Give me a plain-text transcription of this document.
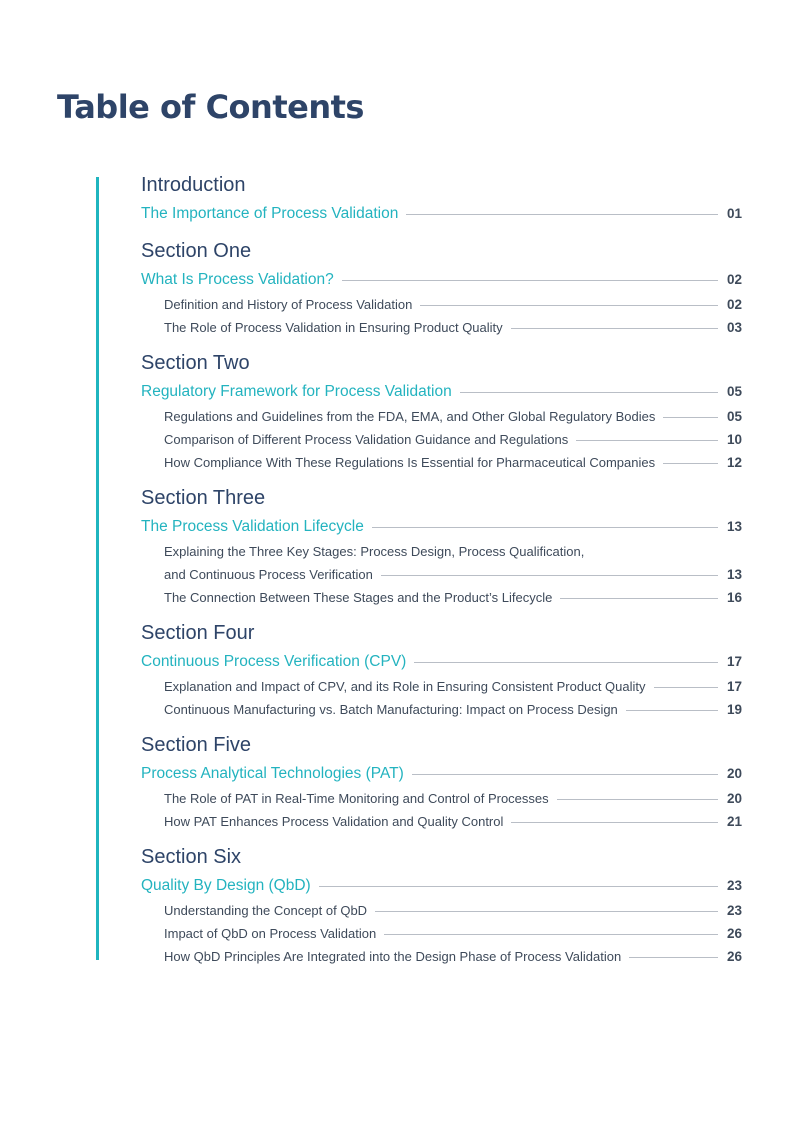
Table of Contents
Introduction
The Importance of Process Validation	01
Section One
What Is Process Validation?	02
Definition and History of Process Validation	02
The Role of Process Validation in Ensuring Product Quality	03
Section Two
Regulatory Framework for Process Validation	05
Regulations and Guidelines from the FDA, EMA, and Other Global Regulatory Bodies	05
Comparison of Different Process Validation Guidance and Regulations	10
How Compliance With These Regulations Is Essential for Pharmaceutical Companies	12
Section Three
The Process Validation Lifecycle	13
Explaining the Three Key Stages: Process Design, Process Qualification,
and Continuous Process Verification	13
The Connection Between These Stages and the Product’s Lifecycle	16
Section Four
Continuous Process Verification (CPV)	17
Explanation and Impact of CPV, and its Role in Ensuring Consistent Product Quality	17
Continuous Manufacturing vs. Batch Manufacturing: Impact on Process Design	19
Section Five
Process Analytical Technologies (PAT)	20
The Role of PAT in Real-Time Monitoring and Control of Processes	20
How PAT Enhances Process Validation and Quality Control	21
Section Six
Quality By Design (QbD)	23
Understanding the Concept of QbD	23
Impact of QbD on Process Validation	26
How QbD Principles Are Integrated into the Design Phase of Process Validation	26
